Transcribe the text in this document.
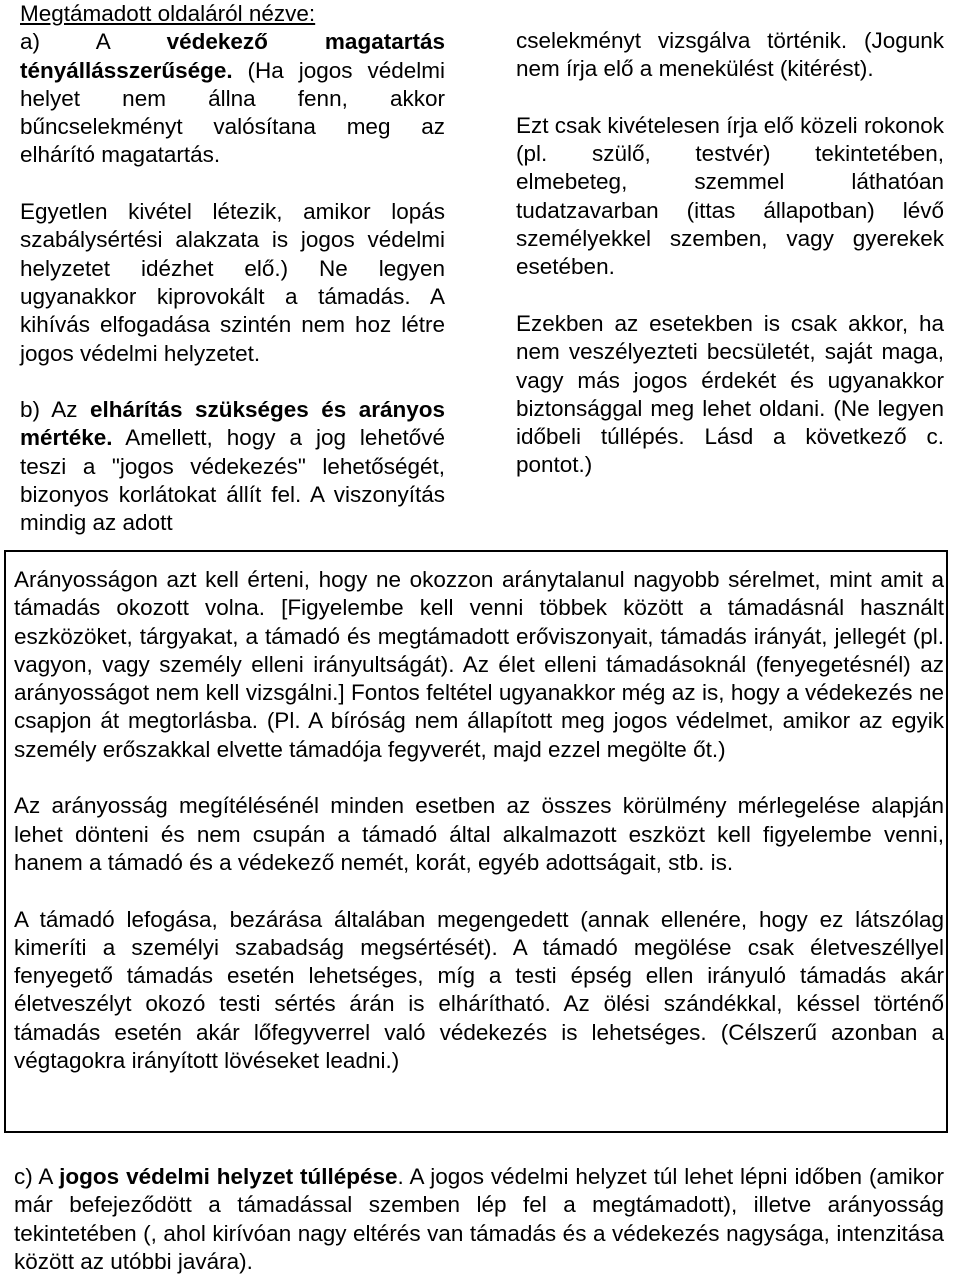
Megtámadott oldaláról nézve:

a) A védekező magatartás tényállásszerűsége. (Ha jogos védelmi helyet nem állna fenn, akkor bűncselekményt valósítana meg az elhárító magatartás.

Egyetlen kivétel létezik, amikor lopás szabálysértési alakzata is jogos védelmi helyzetet idézhet elő.) Ne legyen ugyanakkor kiprovokált a támadás. A kihívás elfogadása szintén nem hoz létre jogos védelmi helyzetet.

b) Az elhárítás szükséges és arányos mértéke. Amellett, hogy a jog lehetővé teszi a "jogos védekezés" lehetőségét, bizonyos korlátokat állít fel. A viszonyítás mindig az adott

cselekményt vizsgálva történik. (Jogunk nem írja elő a menekülést (kitérést).

Ezt csak kivételesen írja elő közeli rokonok (pl. szülő, testvér) tekintetében, elmebeteg, szemmel láthatóan tudatzavarban (ittas állapotban) lévő személyekkel szemben, vagy gyerekek esetében.

Ezekben az esetekben is csak akkor, ha nem veszélyezteti becsületét, saját maga, vagy más jogos érdekét és ugyanakkor biztonsággal meg lehet oldani. (Ne legyen időbeli túllépés. Lásd a következő c. pontot.)

Arányosságon azt kell érteni, hogy ne okozzon aránytalanul nagyobb sérelmet, mint amit a támadás okozott volna. [Figyelembe kell venni többek között a támadásnál használt eszközöket, tárgyakat, a támadó és megtámadott erőviszonyait, támadás irányát, jellegét (pl. vagyon, vagy személy elleni irányultságát). Az élet elleni támadásoknál (fenyegetésnél) az arányosságot nem kell vizsgálni.] Fontos feltétel ugyanakkor még az is, hogy a védekezés ne csapjon át megtorlásba. (Pl. A bíróság nem állapított meg jogos védelmet, amikor az egyik személy erőszakkal elvette támadója fegyverét, majd ezzel megölte őt.)

Az arányosság megítélésénél minden esetben az összes körülmény mérlegelése alapján lehet dönteni és nem csupán a támadó által alkalmazott eszközt kell figyelembe venni, hanem a támadó és a védekező nemét, korát, egyéb adottságait, stb. is.

A támadó lefogása, bezárása általában megengedett (annak ellenére, hogy ez látszólag kimeríti a személyi szabadság megsértését). A támadó megölése csak életveszéllyel fenyegető támadás esetén lehetséges, míg a testi épség ellen irányuló támadás akár életveszélyt okozó testi sértés árán is elhárítható. Az ölési szándékkal, késsel történő támadás esetén akár lőfegyverrel való védekezés is lehetséges. (Célszerű azonban a végtagokra irányított lövéseket leadni.)

c) A jogos védelmi helyzet túllépése. A jogos védelmi helyzet túl lehet lépni időben (amikor már befejeződött a támadással szemben lép fel a megtámadott), illetve arányosság tekintetében (, ahol kirívóan nagy eltérés van támadás és a védekezés nagysága, intenzitása között az utóbbi javára).
